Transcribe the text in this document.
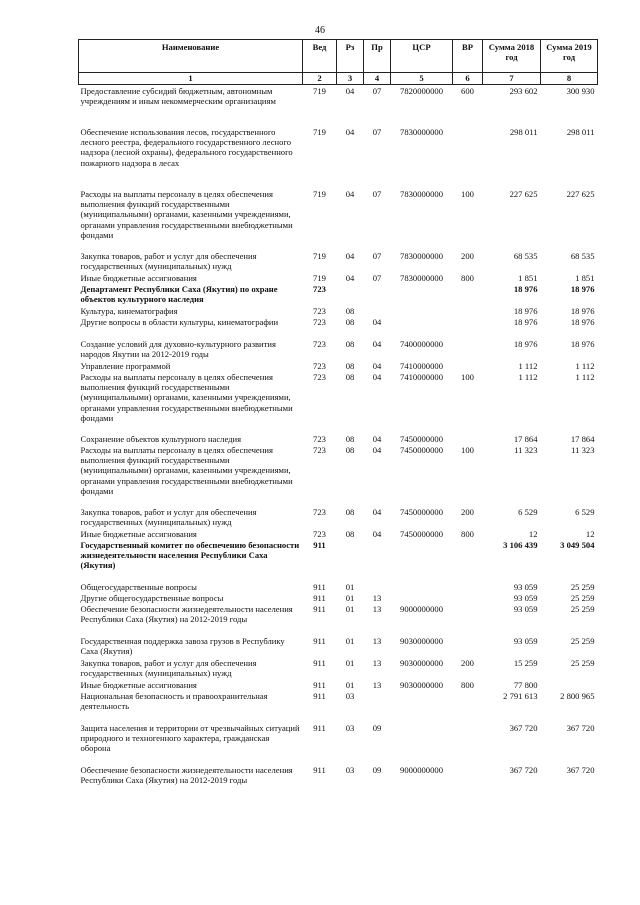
46
Наименование	Вед	Рз	Пр	ЦСР	ВР	Сумма 2018 год	Сумма 2019 год
1	2	3	4	5	6	7	8
Предоставление субсидий бюджетным, автономным учреждениям и иным некоммерческим организациям	719	04	07	7820000000	600	293 602	300 930
Обеспечение использования лесов, государственного лесного реестра, федерального государственного лесного надзора (лесной охраны), федерального государственного пожарного надзора в лесах	719	04	07	7830000000		298 011	298 011
Расходы на выплаты персоналу в целях обеспечения выполнения функций государственными (муниципальными) органами, казенными учреждениями, органами управления государственными внебюджетными фондами	719	04	07	7830000000	100	227 625	227 625
Закупка товаров, работ и услуг для обеспечения государственных (муниципальных) нужд	719	04	07	7830000000	200	68 535	68 535
Иные бюджетные ассигнования	719	04	07	7830000000	800	1 851	1 851
Департамент Республики Саха (Якутия) по охране объектов культурного наследия	723					18 976	18 976
Культура, кинематография	723	08				18 976	18 976
Другие вопросы в области культуры, кинематографии	723	08	04			18 976	18 976
Создание условий для духовно-культурного развития народов Якутии на 2012-2019 годы	723	08	04	7400000000		18 976	18 976
Управление программой	723	08	04	7410000000		1 112	1 112
Расходы на выплаты персоналу в целях обеспечения выполнения функций государственными (муниципальными) органами, казенными учреждениями, органами управления государственными внебюджетными фондами	723	08	04	7410000000	100	1 112	1 112
Сохранение объектов культурного наследия	723	08	04	7450000000		17 864	17 864
Расходы на выплаты персоналу в целях обеспечения выполнения функций государственными (муниципальными) органами, казенными учреждениями, органами управления государственными внебюджетными фондами	723	08	04	7450000000	100	11 323	11 323
Закупка товаров, работ и услуг для обеспечения государственных (муниципальных) нужд	723	08	04	7450000000	200	6 529	6 529
Иные бюджетные ассигнования	723	08	04	7450000000	800	12	12
Государственный комитет по обеспечению безопасности жизнедеятельности населения Республики Саха (Якутия)	911					3 106 439	3 049 504
Общегосударственные вопросы	911	01				93 059	25 259
Другие общегосударственные вопросы	911	01	13			93 059	25 259
Обеспечение безопасности жизнедеятельности населения Республики Саха (Якутия) на 2012-2019 годы	911	01	13	9000000000		93 059	25 259
Государственная поддержка завоза грузов в Республику Саха (Якутия)	911	01	13	9030000000		93 059	25 259
Закупка товаров, работ и услуг для обеспечения государственных (муниципальных) нужд	911	01	13	9030000000	200	15 259	25 259
Иные бюджетные ассигнования	911	01	13	9030000000	800	77 800	
Национальная безопасность и правоохранительная деятельность	911	03				2 791 613	2 800 965
Защита населения и территории от чрезвычайных ситуаций природного и техногенного характера, гражданская оборона	911	03	09			367 720	367 720
Обеспечение безопасности жизнедеятельности населения Республики Саха (Якутия) на 2012-2019 годы	911	03	09	9000000000		367 720	367 720
